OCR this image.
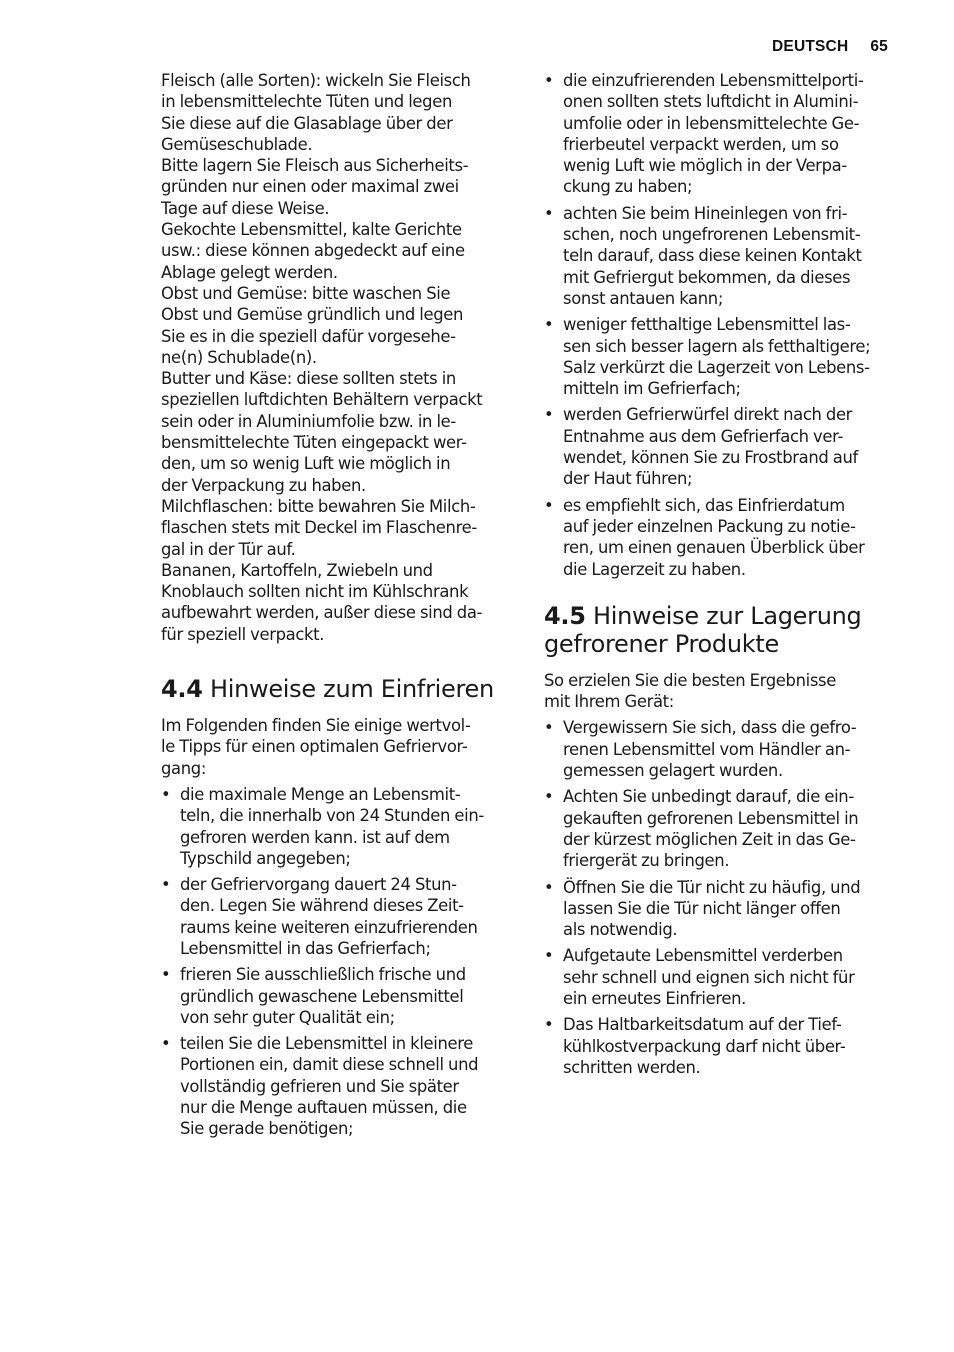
DEUTSCH 65
Fleisch (alle Sorten): wickeln Sie Fleisch
in lebensmittelechte Tüten und legen
Sie diese auf die Glasablage über der
Gemüseschublade.
Bitte lagern Sie Fleisch aus Sicherheits-
gründen nur einen oder maximal zwei
Tage auf diese Weise.
Gekochte Lebensmittel, kalte Gerichte
usw.: diese können abgedeckt auf eine
Ablage gelegt werden.
Obst und Gemüse: bitte waschen Sie
Obst und Gemüse gründlich und legen
Sie es in die speziell dafür vorgesehe-
ne(n) Schublade(n).
Butter und Käse: diese sollten stets in
speziellen luftdichten Behältern verpackt
sein oder in Aluminiumfolie bzw. in le-
bensmittelechte Tüten eingepackt wer-
den, um so wenig Luft wie möglich in
der Verpackung zu haben.
Milchflaschen: bitte bewahren Sie Milch-
flaschen stets mit Deckel im Flaschenre-
gal in der Tür auf.
Bananen, Kartoffeln, Zwiebeln und
Knoblauch sollten nicht im Kühlschrank
aufbewahrt werden, außer diese sind da-
für speziell verpackt.
4.4 Hinweise zum Einfrieren
Im Folgenden finden Sie einige wertvol-
le Tipps für einen optimalen Gefriervor-
gang:
• die maximale Menge an Lebensmit-
teln, die innerhalb von 24 Stunden ein-
gefroren werden kann. ist auf dem
Typschild angegeben;
• der Gefriervorgang dauert 24 Stun-
den. Legen Sie während dieses Zeit-
raums keine weiteren einzufrierenden
Lebensmittel in das Gefrierfach;
• frieren Sie ausschließlich frische und
gründlich gewaschene Lebensmittel
von sehr guter Qualität ein;
• teilen Sie die Lebensmittel in kleinere
Portionen ein, damit diese schnell und
vollständig gefrieren und Sie später
nur die Menge auftauen müssen, die
Sie gerade benötigen;
• die einzufrierenden Lebensmittelporti-
onen sollten stets luftdicht in Alumini-
umfolie oder in lebensmittelechte Ge-
frierbeutel verpackt werden, um so
wenig Luft wie möglich in der Verpa-
ckung zu haben;
• achten Sie beim Hineinlegen von fri-
schen, noch ungefrorenen Lebensmit-
teln darauf, dass diese keinen Kontakt
mit Gefriergut bekommen, da dieses
sonst antauen kann;
• weniger fetthaltige Lebensmittel las-
sen sich besser lagern als fetthaltigere;
Salz verkürzt die Lagerzeit von Lebens-
mitteln im Gefrierfach;
• werden Gefrierwürfel direkt nach der
Entnahme aus dem Gefrierfach ver-
wendet, können Sie zu Frostbrand auf
der Haut führen;
• es empfiehlt sich, das Einfrierdatum
auf jeder einzelnen Packung zu notie-
ren, um einen genauen Überblick über
die Lagerzeit zu haben.
4.5 Hinweise zur Lagerung
gefrorener Produkte
So erzielen Sie die besten Ergebnisse
mit Ihrem Gerät:
• Vergewissern Sie sich, dass die gefro-
renen Lebensmittel vom Händler an-
gemessen gelagert wurden.
• Achten Sie unbedingt darauf, die ein-
gekauften gefrorenen Lebensmittel in
der kürzest möglichen Zeit in das Ge-
friergerät zu bringen.
• Öffnen Sie die Tür nicht zu häufig, und
lassen Sie die Tür nicht länger offen
als notwendig.
• Aufgetaute Lebensmittel verderben
sehr schnell und eignen sich nicht für
ein erneutes Einfrieren.
• Das Haltbarkeitsdatum auf der Tief-
kühlkostverpackung darf nicht über-
schritten werden.
